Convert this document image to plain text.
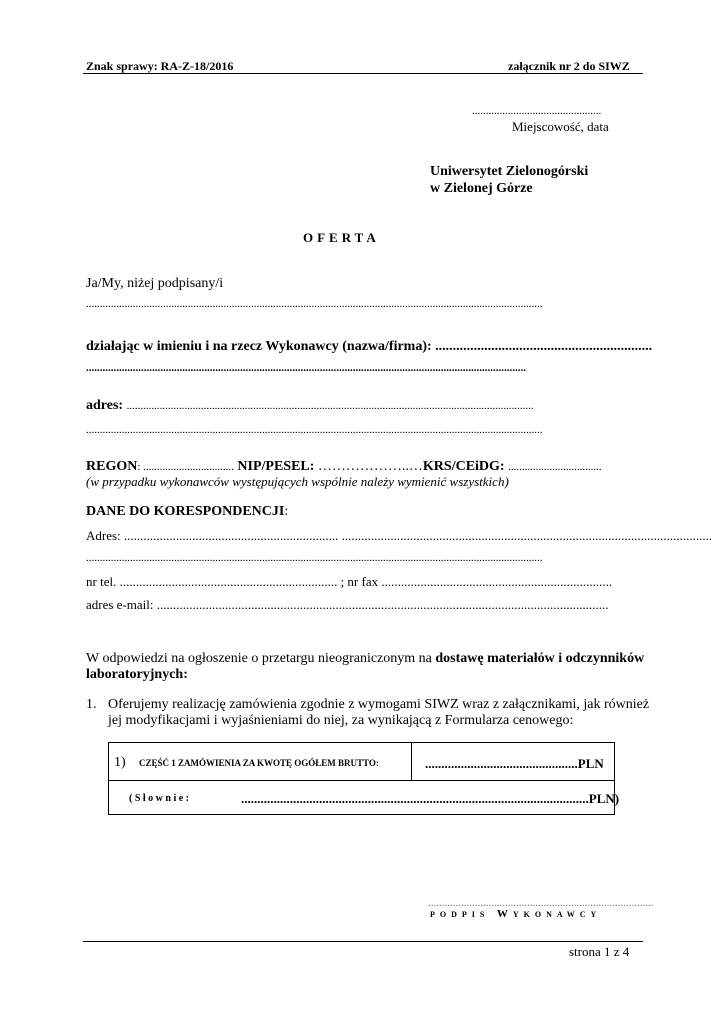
Znak sprawy: RA-Z-18/2016	załącznik nr 2 do SIWZ
...............................................
Miejscowość, data
Uniwersytet Zielonogórski
w Zielonej Górze
OFERTA
Ja/My, niżej podpisany/i
......................................................................................................................................................................
działając w imieniu i na rzecz Wykonawcy (nazwa/firma): ..............................................................
................................................................................................................................................................
adres: ....................................................................................................................................................
......................................................................................................................................................................
REGON: ................................. NIP/PESEL: ………………..…KRS/CEiDG: ..................................
(w przypadku wykonawców występujących wspólnie należy wymienić wszystkich)
DANE DO KORESPONDENCJI:
Adres: .................................................................. ..................................................................................................................
......................................................................................................................................................................
nr tel. ................................................................... ; nr fax .......................................................................
adres e-mail: ...........................................................................................................................................
W odpowiedzi na ogłoszenie o przetargu nieograniczonym na dostawę materiałów i odczynników
laboratoryjnych:
1. Oferujemy realizację zamówienia zgodnie z wymogami SIWZ wraz z załącznikami, jak również
jej modyfikacjami i wyjaśnieniami do niej, za wynikającą z Formularza cenowego:
1) CZĘŚĆ 1 ZAMÓWIENIA ZA KWOTĘ OGÓŁEM BRUTTO:	...............................................PLN
( S ł o w n i e :	...........................................................................................................PLN)
..................................................................................
podpis Wykonawcy
strona 1 z 4
